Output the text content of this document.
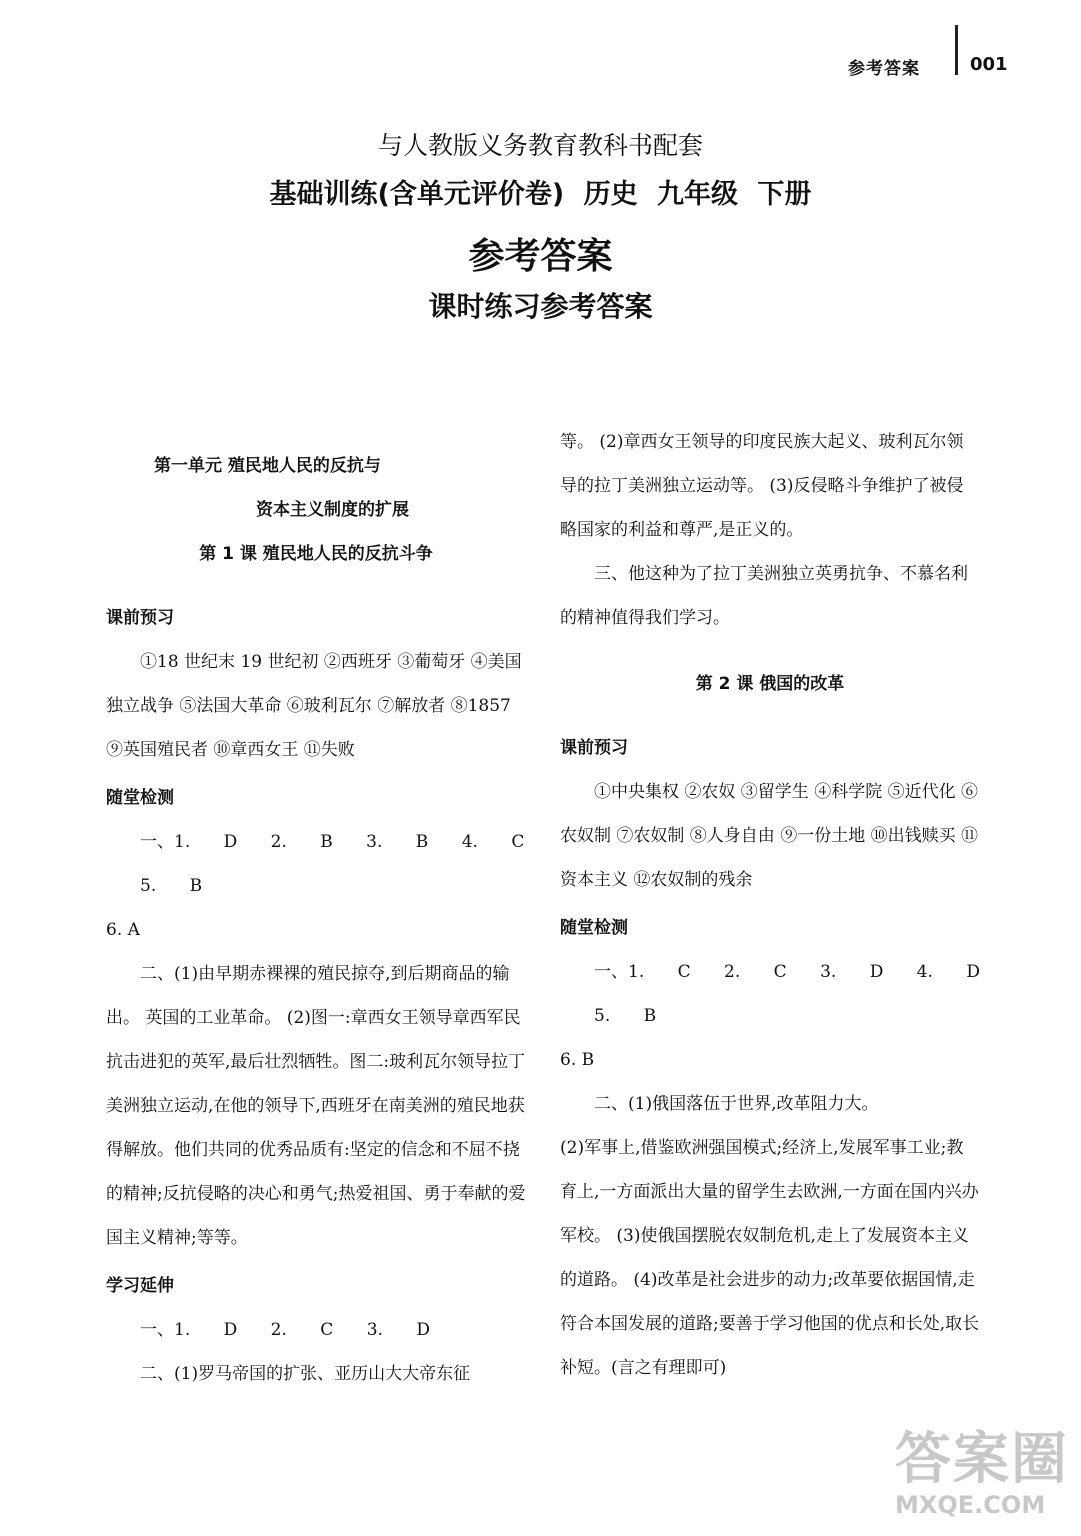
参考答案	001
与人教版义务教育教科书配套
基础训练(含单元评价卷) 历史 九年级 下册
参考答案
课时练习参考答案

第一单元 殖民地人民的反抗与

资本主义制度的扩展

第 1 课 殖民地人民的反抗斗争

课前预习

①18 世纪末 19 世纪初 ②西班牙 ③葡萄牙 ④美国独立战争 ⑤法国大革命 ⑥玻利瓦尔 ⑦解放者 ⑧1857 ⑨英国殖民者 ⑩章西女王 ⑪失败

随堂检测

一、1. D 2. B 3. B 4. C 5. B

6. A

二、(1)由早期赤裸裸的殖民掠夺,到后期商品的输出。 英国的工业革命。 (2)图一:章西女王领导章西军民抗击进犯的英军,最后壮烈牺牲。图二:玻利瓦尔领导拉丁美洲独立运动,在他的领导下,西班牙在南美洲的殖民地获得解放。他们共同的优秀品质有:坚定的信念和不屈不挠的精神;反抗侵略的决心和勇气;热爱祖国、勇于奉献的爱国主义精神;等等。

学习延伸

一、1. D 2. C 3. D

二、(1)罗马帝国的扩张、亚历山大大帝东征

等。 (2)章西女王领导的印度民族大起义、玻利瓦尔领导的拉丁美洲独立运动等。 (3)反侵略斗争维护了被侵略国家的利益和尊严,是正义的。

三、他这种为了拉丁美洲独立英勇抗争、不慕名利的精神值得我们学习。

第 2 课 俄国的改革

课前预习

①中央集权 ②农奴 ③留学生 ④科学院 ⑤近代化 ⑥农奴制 ⑦农奴制 ⑧人身自由 ⑨一份土地 ⑩出钱赎买 ⑪资本主义 ⑫农奴制的残余

随堂检测

一、1. C 2. C 3. D 4. D 5. B

6. B

二、(1)俄国落伍于世界,改革阻力大。

(2)军事上,借鉴欧洲强国模式;经济上,发展军事工业;教育上,一方面派出大量的留学生去欧洲,一方面在国内兴办军校。 (3)使俄国摆脱农奴制危机,走上了发展资本主义的道路。 (4)改革是社会进步的动力;改革要依据国情,走符合本国发展的道路;要善于学习他国的优点和长处,取长补短。(言之有理即可)

答案圈
MXQE.COM
